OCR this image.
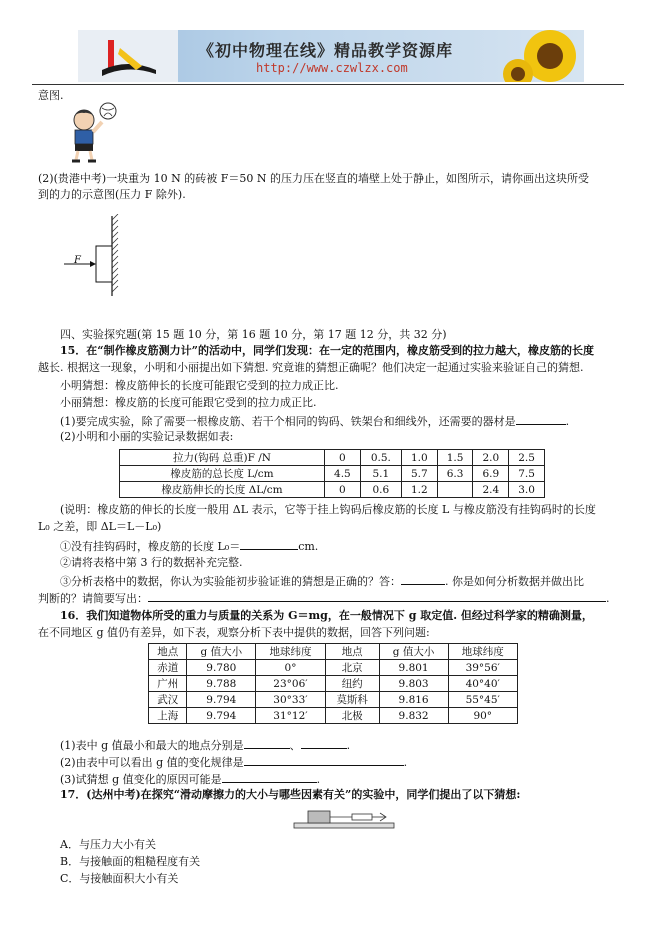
《初中物理在线》精品教学资源库
http://www.czwlzx.com
意图.
(2)(贵港中考)一块重为 10 N 的砖被 F＝50 N 的压力压在竖直的墙壁上处于静止，如图所示，请你画出这块所受
到的力的示意图(压力 F 除外).
F
四、实验探究题(第 15 题 10 分，第 16 题 10 分，第 17 题 12 分，共 32 分)
15．在“制作橡皮筋测力计”的活动中，同学们发现：在一定的范围内，橡皮筋受到的拉力越大，橡皮筋的长度
越长. 根据这一现象，小明和小丽提出如下猜想. 究竟谁的猜想正确呢？他们决定一起通过实验来验证自己的猜想.
小明猜想：橡皮筋伸长的长度可能跟它受到的拉力成正比.
小丽猜想：橡皮筋的长度可能跟它受到的拉力成正比.
(1)要完成实验，除了需要一根橡皮筋、若干个相同的钩码、铁架台和细线外，还需要的器材是	.
(2)小明和小丽的实验记录数据如表:
拉力(钩码 总重)F /N	0	0.5.	1.0	1.5	2.0	2.5
橡皮筋的总长度 L/cm	4.5	5.1	5.7	6.3	6.9	7.5
橡皮筋伸长的长度 ΔL/cm	0	0.6	1.2		2.4	3.0
(说明：橡皮筋的伸长的长度一般用 ΔL 表示，它等于挂上钩码后橡皮筋的长度 L 与橡皮筋没有挂钩码时的长度
L₀ 之差，即 ΔL＝L－L₀)
①没有挂钩码时，橡皮筋的长度 L₀＝	cm.
②请将表格中第 3 行的数据补充完整.
③分析表格中的数据，你认为实验能初步验证谁的猜想是正确的？答：	. 你是如何分析数据并做出比
判断的？请简要写出：	.
16．我们知道物体所受的重力与质量的关系为 G＝mg，在一般情况下 g 取定值. 但经过科学家的精确测量，
在不同地区 g 值仍有差异，如下表，观察分析下表中提供的数据，回答下列问题:
地点	g 值大小	地球纬度	地点	g 值大小	地球纬度
赤道	9.780	0°	北京	9.801	39°56′
广州	9.788	23°06′	纽约	9.803	40°40′
武汉	9.794	30°33′	莫斯科	9.816	55°45′
上海	9.794	31°12′	北极	9.832	90°
(1)表中 g 值最小和最大的地点分别是	、	.
(2)由表中可以看出 g 值的变化规律是	.
(3)试猜想 g 值变化的原因可能是	.
17．(达州中考)在探究“滑动摩擦力的大小与哪些因素有关”的实验中，同学们提出了以下猜想:
A．与压力大小有关
B．与接触面的粗糙程度有关
C．与接触面积大小有关
